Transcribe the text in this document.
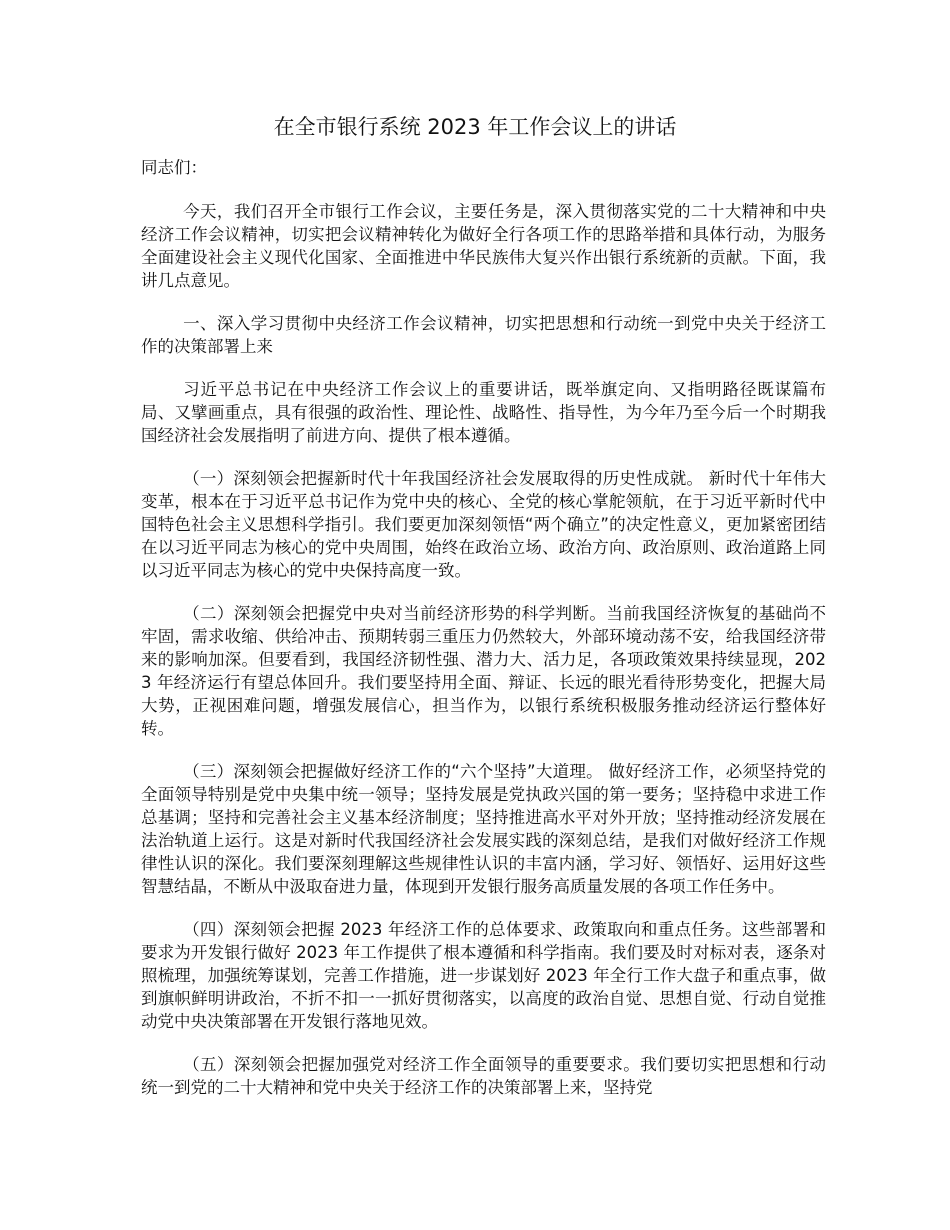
在全市银行系统 2023 年工作会议上的讲话

同志们：

今天，我们召开全市银行工作会议，主要任务是，深入贯彻落实党的二十大精神和中央经济工作会议精神，切实把会议精神转化为做好全行各项工作的思路举措和具体行动，为服务全面建设社会主义现代化国家、全面推进中华民族伟大复兴作出银行系统新的贡献。下面，我讲几点意见。

一、深入学习贯彻中央经济工作会议精神，切实把思想和行动统一到党中央关于经济工作的决策部署上来

习近平总书记在中央经济工作会议上的重要讲话，既举旗定向、又指明路径既谋篇布局、又擘画重点，具有很强的政治性、理论性、战略性、指导性，为今年乃至今后一个时期我国经济社会发展指明了前进方向、提供了根本遵循。

（一）深刻领会把握新时代十年我国经济社会发展取得的历史性成就。 新时代十年伟大变革，根本在于习近平总书记作为党中央的核心、全党的核心掌舵领航，在于习近平新时代中国特色社会主义思想科学指引。我们要更加深刻领悟“两个确立”的决定性意义，更加紧密团结在以习近平同志为核心的党中央周围，始终在政治立场、政治方向、政治原则、政治道路上同以习近平同志为核心的党中央保持高度一致。

（二）深刻领会把握党中央对当前经济形势的科学判断。当前我国经济恢复的基础尚不牢固，需求收缩、供给冲击、预期转弱三重压力仍然较大，外部环境动荡不安，给我国经济带来的影响加深。但要看到，我国经济韧性强、潜力大、活力足，各项政策效果持续显现，2023 年经济运行有望总体回升。我们要坚持用全面、辩证、长远的眼光看待形势变化，把握大局大势，正视困难问题，增强发展信心，担当作为，以银行系统积极服务推动经济运行整体好转。

（三）深刻领会把握做好经济工作的“六个坚持”大道理。 做好经济工作，必须坚持党的全面领导特别是党中央集中统一领导；坚持发展是党执政兴国的第一要务；坚持稳中求进工作总基调；坚持和完善社会主义基本经济制度；坚持推进高水平对外开放；坚持推动经济发展在法治轨道上运行。这是对新时代我国经济社会发展实践的深刻总结，是我们对做好经济工作规律性认识的深化。我们要深刻理解这些规律性认识的丰富内涵，学习好、领悟好、运用好这些智慧结晶，不断从中汲取奋进力量，体现到开发银行服务高质量发展的各项工作任务中。

（四）深刻领会把握 2023 年经济工作的总体要求、政策取向和重点任务。这些部署和要求为开发银行做好 2023 年工作提供了根本遵循和科学指南。我们要及时对标对表，逐条对照梳理，加强统筹谋划，完善工作措施，进一步谋划好 2023 年全行工作大盘子和重点事，做到旗帜鲜明讲政治，不折不扣一一抓好贯彻落实，以高度的政治自觉、思想自觉、行动自觉推动党中央决策部署在开发银行落地见效。

（五）深刻领会把握加强党对经济工作全面领导的重要要求。我们要切实把思想和行动统一到党的二十大精神和党中央关于经济工作的决策部署上来，坚持党
